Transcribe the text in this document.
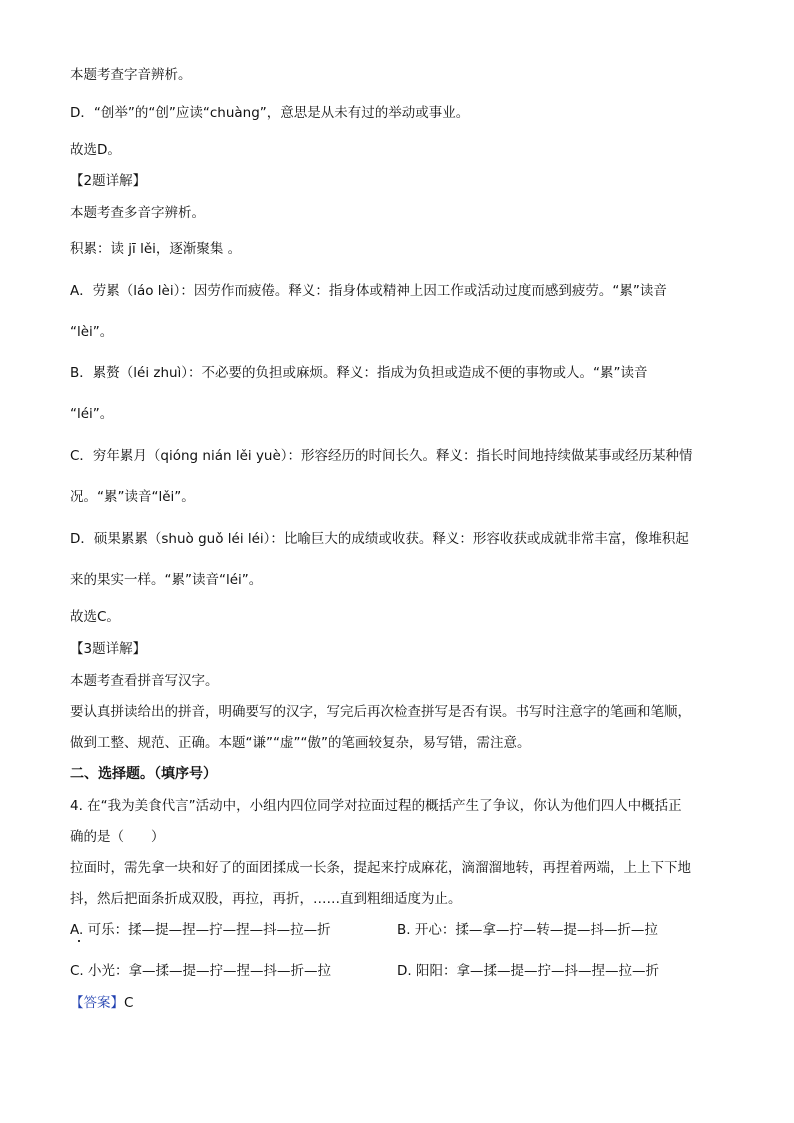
本题考查字音辨析。
D．“创举”的“创”应读“chuàng”，意思是从未有过的举动或事业。
故选D。
【2题详解】
本题考查多音字辨析。
积累：读 jī lěi，逐渐聚集 。
A．劳累（láo lèi）：因劳作而疲倦。释义：指身体或精神上因工作或活动过度而感到疲劳。“累”读音
“lèi”。
B．累赘（léi zhuì）：不必要的负担或麻烦。释义：指成为负担或造成不便的事物或人。“累”读音
“léi”。
C．穷年累月（qióng nián lěi yuè）：形容经历的时间长久。释义：指长时间地持续做某事或经历某种情
况。“累”读音“lěi”。
D．硕果累累（shuò guǒ léi léi）：比喻巨大的成绩或收获。释义：形容收获或成就非常丰富，像堆积起
来的果实一样。“累”读音“léi”。
故选C。
【3题详解】
本题考查看拼音写汉字。
要认真拼读给出的拼音，明确要写的汉字，写完后再次检查拼写是否有误。书写时注意字的笔画和笔顺，
做到工整、规范、正确。本题“谦”“虚”“傲”的笔画较复杂，易写错，需注意。
二、选择题。（填序号）
4. 在“我为美食代言”活动中，小组内四位同学对拉面过程的概括产生了争议，你认为他们四人中概括正
确的是（　　）
拉面时，需先拿一块和好了的面团揉成一长条，提起来拧成麻花，滴溜溜地转，再捏着两端，上上下下地
抖，然后把面条折成双股，再拉，再折，……直到粗细适度为止。
A. 可乐：揉—提—捏—拧—捏—抖—拉—折	B. 开心：揉—拿—拧—转—提—抖—折—拉
C. 小光：拿—揉—提—拧—捏—抖—折—拉	D. 阳阳：拿—揉—提—拧—抖—捏—拉—折
【答案】C
